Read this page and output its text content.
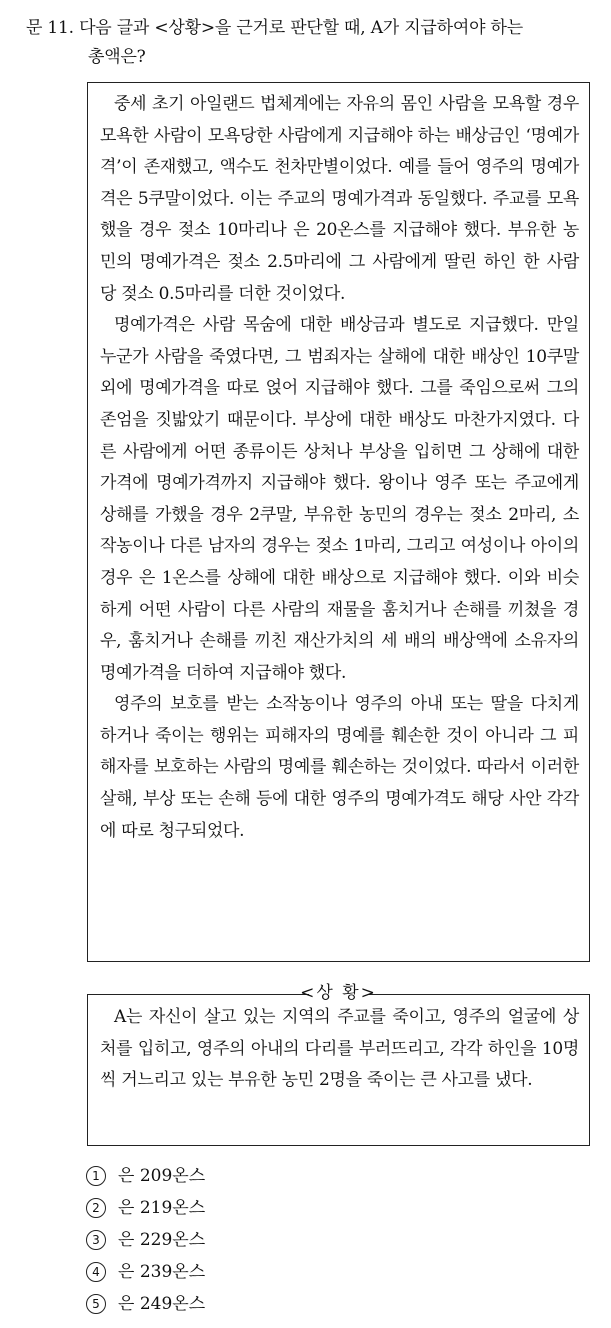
문 11. 다음 글과 <상황>을 근거로 판단할 때, A가 지급하여야 하는
총액은?

중세 초기 아일랜드 법체계에는 자유의 몸인 사람을 모욕할 경우 모욕한 사람이 모욕당한 사람에게 지급해야 하는 배상금인 ‘명예가격’이 존재했고, 액수도 천차만별이었다. 예를 들어 영주의 명예가격은 5쿠말이었다. 이는 주교의 명예가격과 동일했다. 주교를 모욕했을 경우 젖소 10마리나 은 20온스를 지급해야 했다. 부유한 농민의 명예가격은 젖소 2.5마리에 그 사람에게 딸린 하인 한 사람 당 젖소 0.5마리를 더한 것이었다.

명예가격은 사람 목숨에 대한 배상금과 별도로 지급했다. 만일 누군가 사람을 죽였다면, 그 범죄자는 살해에 대한 배상인 10쿠말 외에 명예가격을 따로 얹어 지급해야 했다. 그를 죽임으로써 그의 존엄을 짓밟았기 때문이다. 부상에 대한 배상도 마찬가지였다. 다른 사람에게 어떤 종류이든 상처나 부상을 입히면 그 상해에 대한 가격에 명예가격까지 지급해야 했다. 왕이나 영주 또는 주교에게 상해를 가했을 경우 2쿠말, 부유한 농민의 경우는 젖소 2마리, 소작농이나 다른 남자의 경우는 젖소 1마리, 그리고 여성이나 아이의 경우 은 1온스를 상해에 대한 배상으로 지급해야 했다. 이와 비슷하게 어떤 사람이 다른 사람의 재물을 훔치거나 손해를 끼쳤을 경우, 훔치거나 손해를 끼친 재산가치의 세 배의 배상액에 소유자의 명예가격을 더하여 지급해야 했다.

영주의 보호를 받는 소작농이나 영주의 아내 또는 딸을 다치게 하거나 죽이는 행위는 피해자의 명예를 훼손한 것이 아니라 그 피해자를 보호하는 사람의 명예를 훼손하는 것이었다. 따라서 이러한 살해, 부상 또는 손해 등에 대한 영주의 명예가격도 해당 사안 각각에 따로 청구되었다.

<상 황>

A는 자신이 살고 있는 지역의 주교를 죽이고, 영주의 얼굴에 상처를 입히고, 영주의 아내의 다리를 부러뜨리고, 각각 하인을 10명씩 거느리고 있는 부유한 농민 2명을 죽이는 큰 사고를 냈다.

1	은 209온스
2	은 219온스
3	은 229온스
4	은 239온스
5	은 249온스
